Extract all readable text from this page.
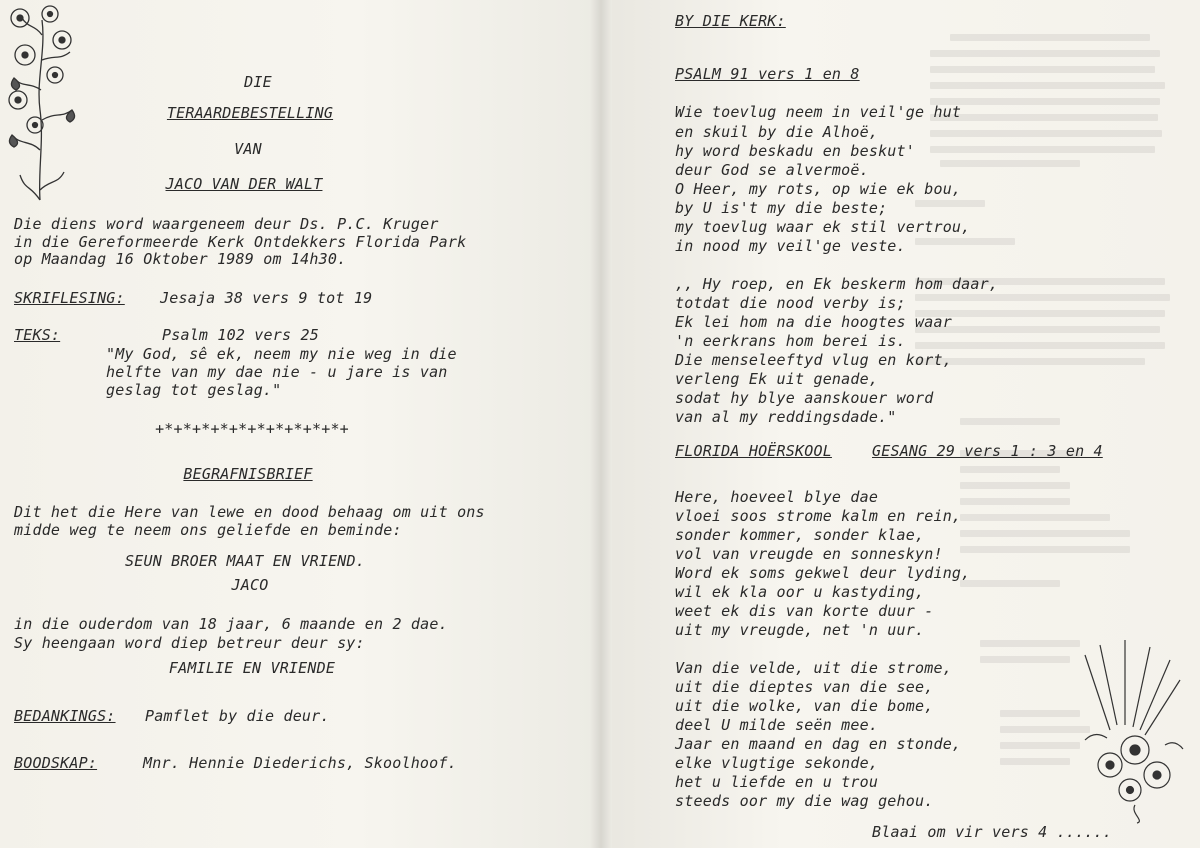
DIE
TERAARDEBESTELLING
VAN
JACO VAN DER WALT
Die diens word waargeneem deur Ds. P.C. Kruger
in die Gereformeerde Kerk Ontdekkers Florida Park
op Maandag 16 Oktober 1989 om 14h30.
SKRIFLESING: Jesaja 38 vers 9 tot 19
TEKS:	Psalm 102 vers 25
"My God, sê ek, neem my nie weg in die
helfte van my dae nie - u jare is van
geslag tot geslag."
+*+*+*+*+*+*+*+*+*+*+
BEGRAFNISBRIEF
Dit het die Here van lewe en dood behaag om uit ons
midde weg te neem ons geliefde en beminde:
SEUN BROER MAAT EN VRIEND.
JACO
in die ouderdom van 18 jaar, 6 maande en 2 dae.
Sy heengaan word diep betreur deur sy:
FAMILIE EN VRIENDE
BEDANKINGS: Pamflet by die deur.
BOODSKAP:	Mnr. Hennie Diederichs, Skoolhoof.
BY DIE KERK:
PSALM 91 vers 1 en 8
Wie toevlug neem in veil'ge hut
en skuil by die Alhoë,
hy word beskadu en beskut'
deur God se alvermoë.
O Heer, my rots, op wie ek bou,
by U is't my die beste;
my toevlug waar ek stil vertrou,
in nood my veil'ge veste.
,, Hy roep, en Ek beskerm hom daar,
totdat die nood verby is;
Ek lei hom na die hoogtes waar
'n eerkrans hom berei is.
Die menseleeftyd vlug en kort,
verleng Ek uit genade,
sodat hy blye aanskouer word
van al my reddingsdade."
FLORIDA HOËRSKOOL	GESANG 29 vers 1 : 3 en 4
Here, hoeveel blye dae
vloei soos strome kalm en rein,
sonder kommer, sonder klae,
vol van vreugde en sonneskyn!
Word ek soms gekwel deur lyding,
wil ek kla oor u kastyding,
weet ek dis van korte duur -
uit my vreugde, net 'n uur.
Van die velde, uit die strome,
uit die dieptes van die see,
uit die wolke, van die bome,
deel U milde seën mee.
Jaar en maand en dag en stonde,
elke vlugtige sekonde,
het u liefde en u trou
steeds oor my die wag gehou.
Blaai om vir vers 4 ......
